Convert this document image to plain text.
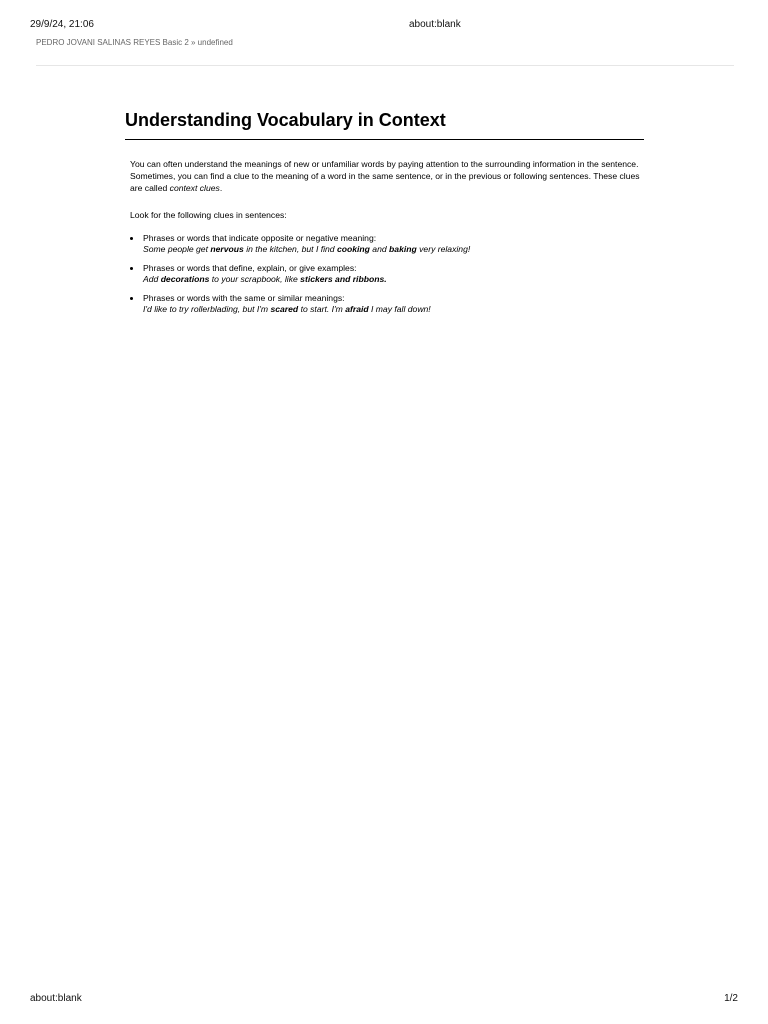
29/9/24, 21:06	about:blank
PEDRO JOVANI SALINAS REYES Basic 2 » undefined
Understanding Vocabulary in Context

You can often understand the meanings of new or unfamiliar words by paying attention to the surrounding information in the sentence. Sometimes, you can find a clue to the meaning of a word in the same sentence, or in the previous or following sentences. These clues are called context clues.

Look for the following clues in sentences:

Phrases or words that indicate opposite or negative meaning:
Some people get nervous in the kitchen, but I find cooking and baking very relaxing!
Phrases or words that define, explain, or give examples:
Add decorations to your scrapbook, like stickers and ribbons.
Phrases or words with the same or similar meanings:
I'd like to try rollerblading, but I'm scared to start. I'm afraid I may fall down!
about:blank	1/2
